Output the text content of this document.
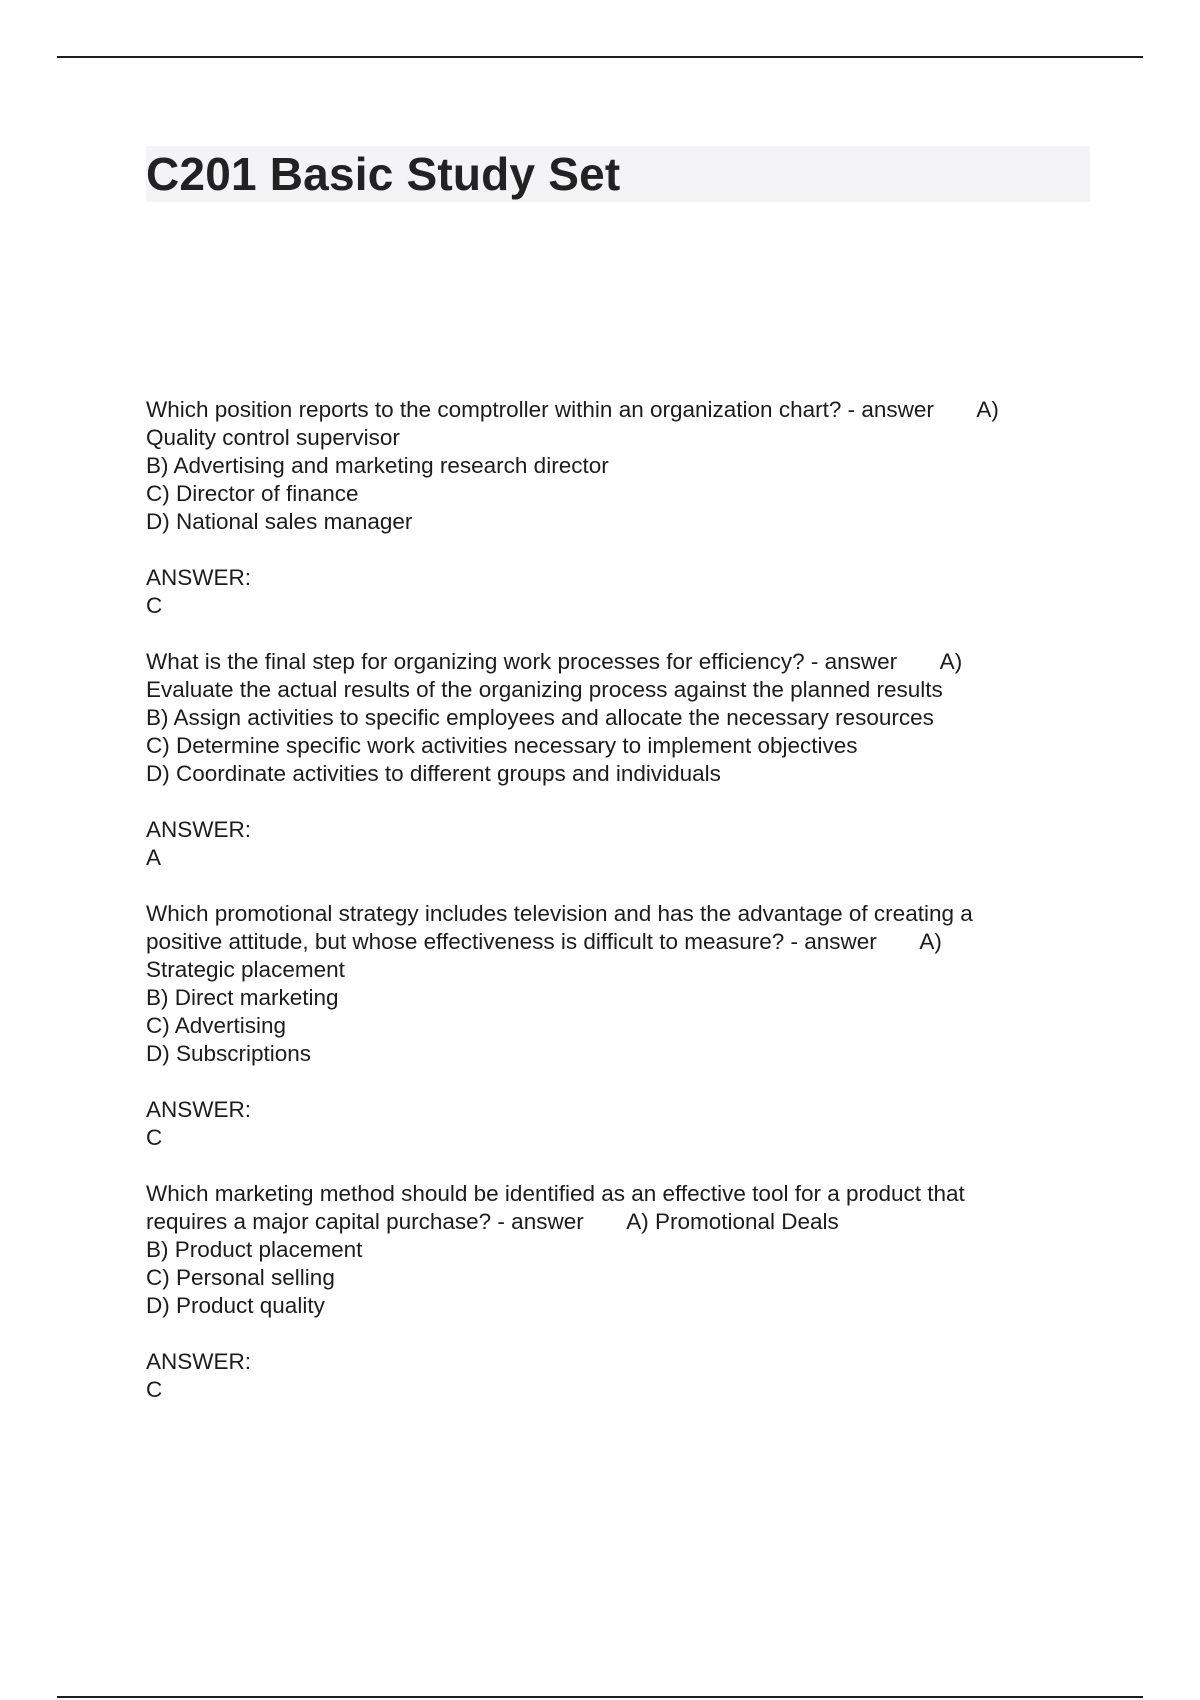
C201 Basic Study Set
Which position reports to the comptroller within an organization chart? - answer       A)
Quality control supervisor
B) Advertising and marketing research director
C) Director of finance
D) National sales manager
ANSWER:
C
What is the final step for organizing work processes for efficiency? - answer       A)
Evaluate the actual results of the organizing process against the planned results
B) Assign activities to specific employees and allocate the necessary resources
C) Determine specific work activities necessary to implement objectives
D) Coordinate activities to different groups and individuals
ANSWER:
A
Which promotional strategy includes television and has the advantage of creating a
positive attitude, but whose effectiveness is difficult to measure? - answer       A)
Strategic placement
B) Direct marketing
C) Advertising
D) Subscriptions
ANSWER:
C
Which marketing method should be identified as an effective tool for a product that
requires a major capital purchase? - answer       A) Promotional Deals
B) Product placement
C) Personal selling
D) Product quality
ANSWER:
C
